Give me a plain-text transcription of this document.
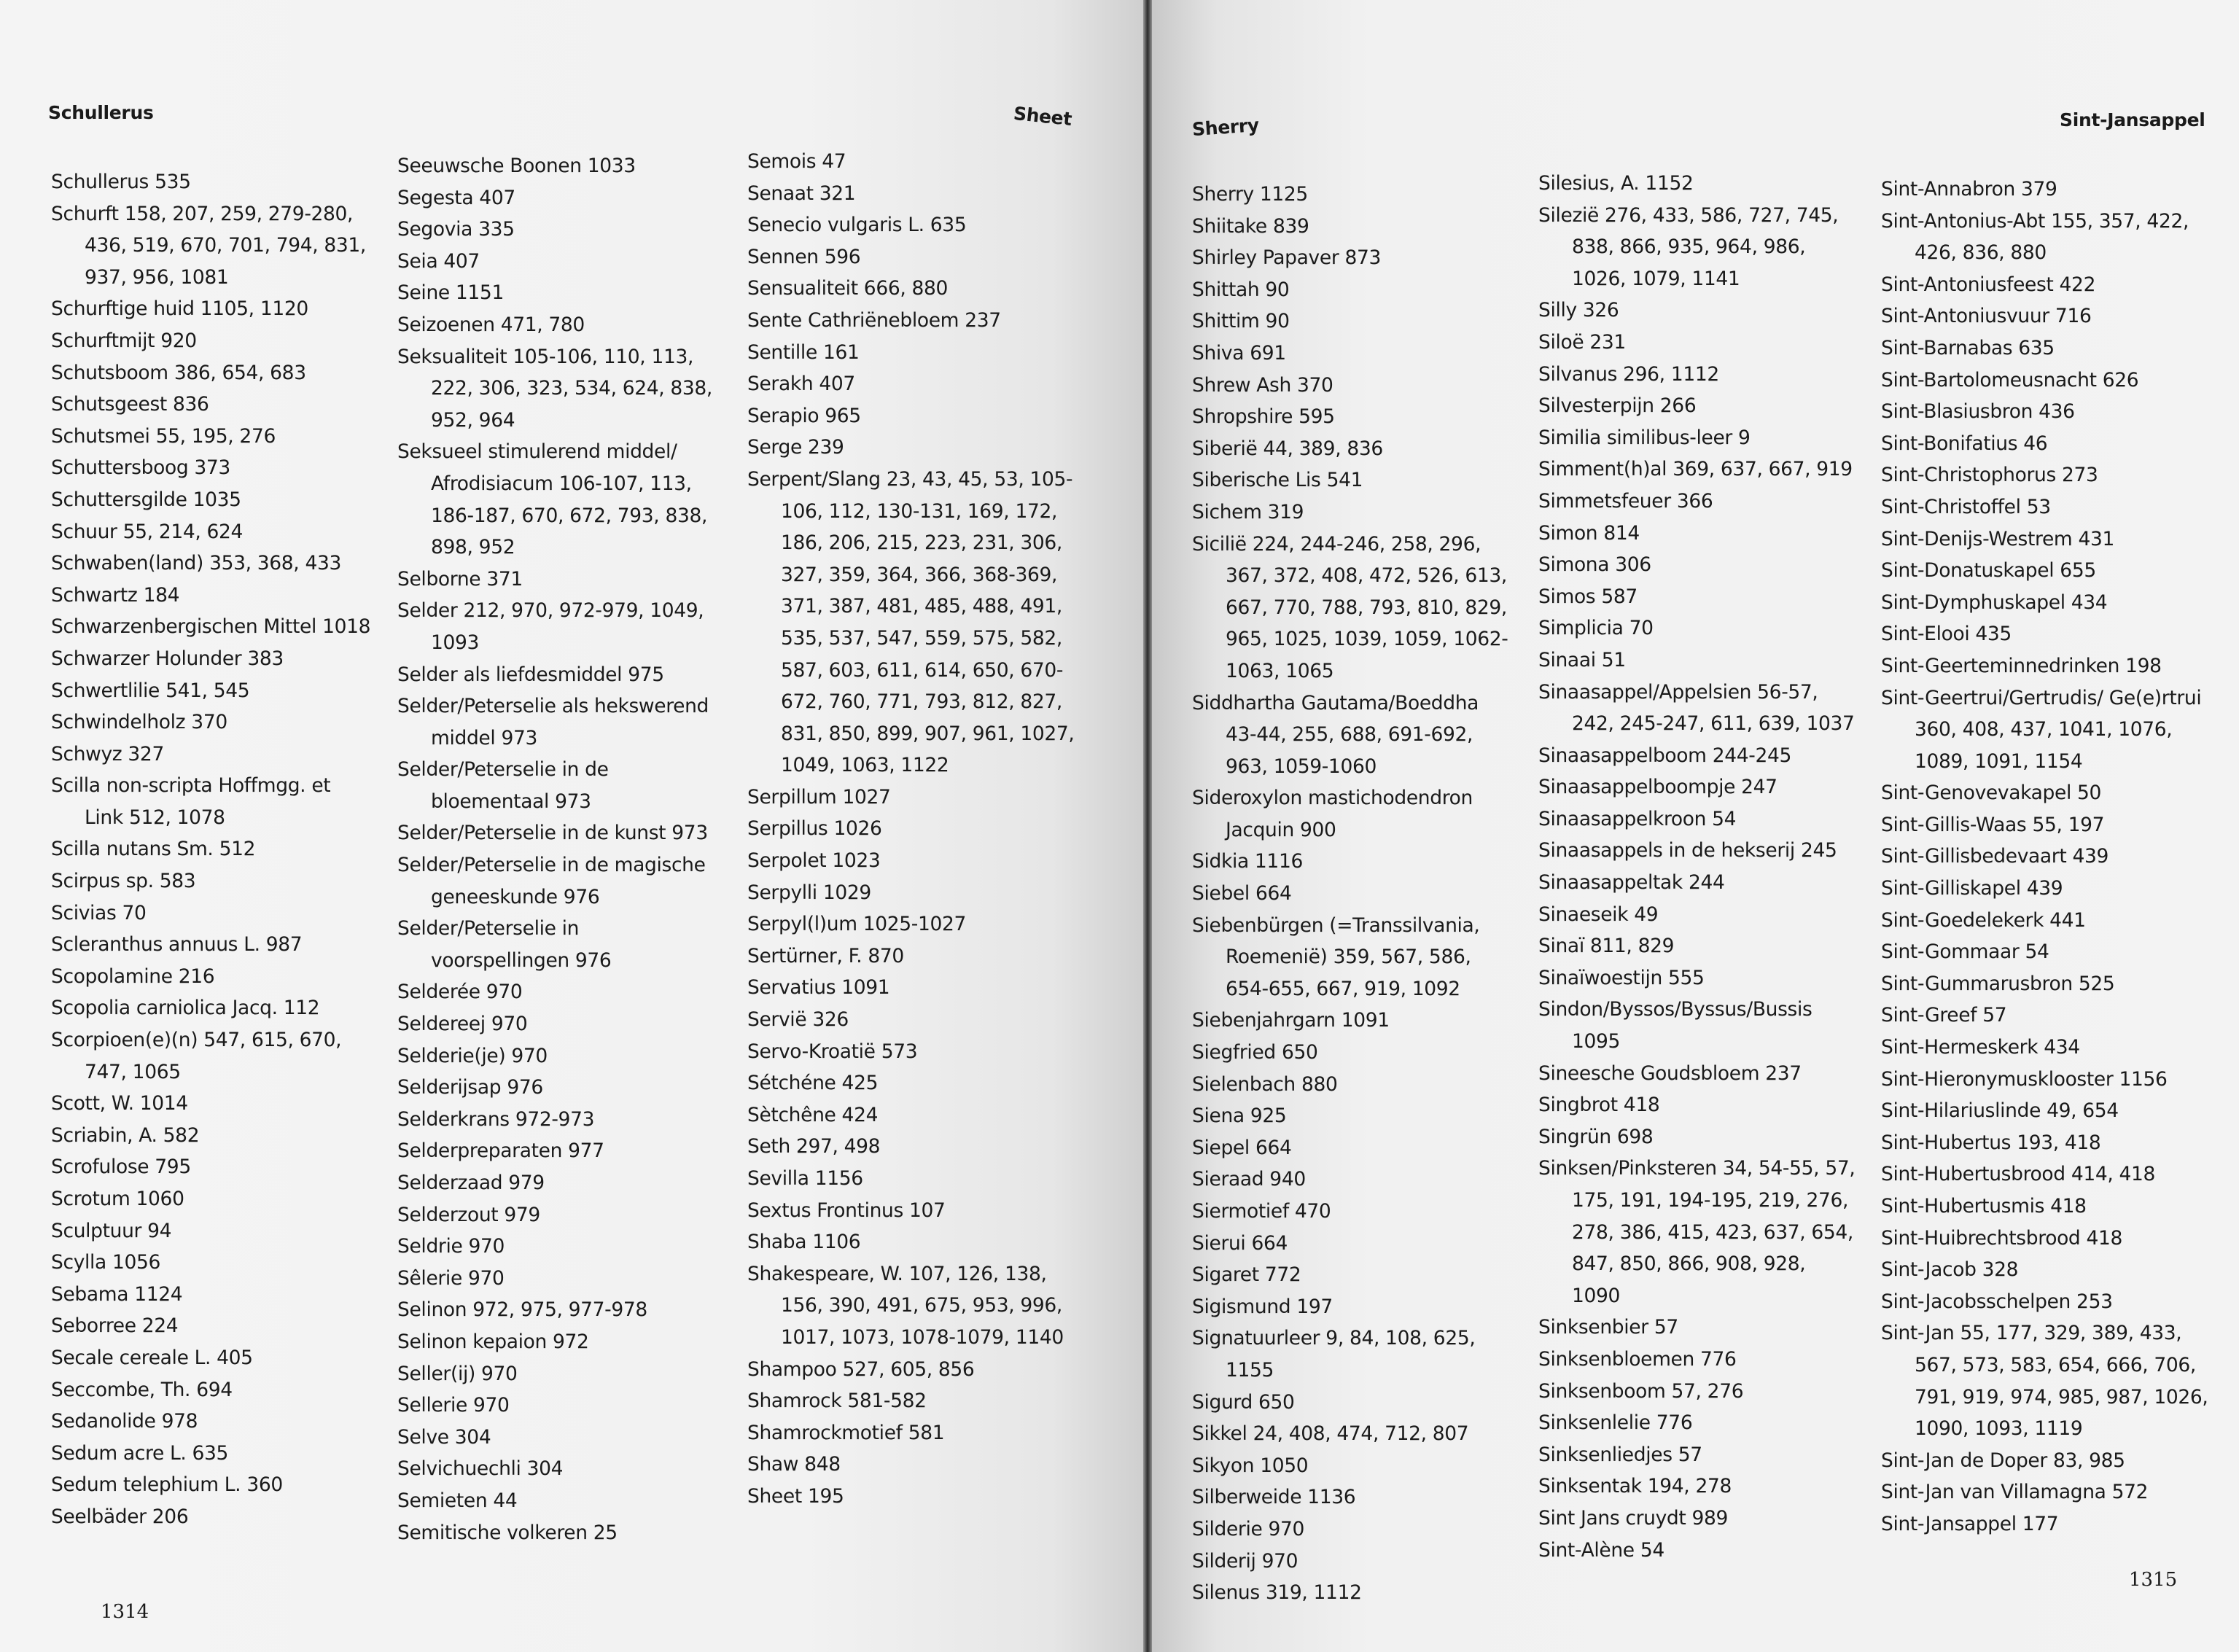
Schullerus	Sheet
Schullerus 535
Schurft 158, 207, 259, 279-280, 436, 519, 670, 701, 794, 831, 937, 956, 1081
Schurftige huid 1105, 1120
Schurftmijt 920
Schutsboom 386, 654, 683
Schutsgeest 836
Schutsmei 55, 195, 276
Schuttersboog 373
Schuttersgilde 1035
Schuur 55, 214, 624
Schwaben(land) 353, 368, 433
Schwartz 184
Schwarzenbergischen Mittel 1018
Schwarzer Holunder 383
Schwertlilie 541, 545
Schwindelholz 370
Schwyz 327
Scilla non-scripta Hoffmgg. et Link 512, 1078
Scilla nutans Sm. 512
Scirpus sp. 583
Scivias 70
Scleranthus annuus L. 987
Scopolamine 216
Scopolia carniolica Jacq. 112
Scorpioen(e)(n) 547, 615, 670, 747, 1065
Scott, W. 1014
Scriabin, A. 582
Scrofulose 795
Scrotum 1060
Sculptuur 94
Scylla 1056
Sebama 1124
Seborree 224
Secale cereale L. 405
Seccombe, Th. 694
Sedanolide 978
Sedum acre L. 635
Sedum telephium L. 360
Seelbäder 206
Seeuwsche Boonen 1033
Segesta 407
Segovia 335
Seia 407
Seine 1151
Seizoenen 471, 780
Seksualiteit 105-106, 110, 113, 222, 306, 323, 534, 624, 838, 952, 964
Seksueel stimulerend middel/ Afrodisiacum 106-107, 113, 186-187, 670, 672, 793, 838, 898, 952
Selborne 371
Selder 212, 970, 972-979, 1049, 1093
Selder als liefdesmiddel 975
Selder/Peterselie als hekswerend middel 973
Selder/Peterselie in de bloementaal 973
Selder/Peterselie in de kunst 973
Selder/Peterselie in de magische geneeskunde 976
Selder/Peterselie in voorspellingen 976
Selderée 970
Seldereej 970
Selderie(je) 970
Selderijsap 976
Selderkrans 972-973
Selderpreparaten 977
Selderzaad 979
Selderzout 979
Seldrie 970
Sêlerie 970
Selinon 972, 975, 977-978
Selinon kepaion 972
Seller(ij) 970
Sellerie 970
Selve 304
Selvichuechli 304
Semieten 44
Semitische volkeren 25
Semois 47
Senaat 321
Senecio vulgaris L. 635
Sennen 596
Sensualiteit 666, 880
Sente Cathriënebloem 237
Sentille 161
Serakh 407
Serapio 965
Serge 239
Serpent/Slang 23, 43, 45, 53, 105-106, 112, 130-131, 169, 172, 186, 206, 215, 223, 231, 306, 327, 359, 364, 366, 368-369, 371, 387, 481, 485, 488, 491, 535, 537, 547, 559, 575, 582, 587, 603, 611, 614, 650, 670-672, 760, 771, 793, 812, 827, 831, 850, 899, 907, 961, 1027, 1049, 1063, 1122
Serpillum 1027
Serpillus 1026
Serpolet 1023
Serpylli 1029
Serpyl(l)um 1025-1027
Sertürner, F. 870
Servatius 1091
Servië 326
Servo-Kroatië 573
Sétchéne 425
Sètchêne 424
Seth 297, 498
Sevilla 1156
Sextus Frontinus 107
Shaba 1106
Shakespeare, W. 107, 126, 138, 156, 390, 491, 675, 953, 996, 1017, 1073, 1078-1079, 1140
Shampoo 527, 605, 856
Shamrock 581-582
Shamrockmotief 581
Shaw 848
Sheet 195
1314
Sherry	Sint-Jansappel
Sherry 1125
Shiitake 839
Shirley Papaver 873
Shittah 90
Shittim 90
Shiva 691
Shrew Ash 370
Shropshire 595
Siberië 44, 389, 836
Siberische Lis 541
Sichem 319
Sicilië 224, 244-246, 258, 296, 367, 372, 408, 472, 526, 613, 667, 770, 788, 793, 810, 829, 965, 1025, 1039, 1059, 1062-1063, 1065
Siddhartha Gautama/Boeddha 43-44, 255, 688, 691-692, 963, 1059-1060
Sideroxylon mastichodendron Jacquin 900
Sidkia 1116
Siebel 664
Siebenbürgen (=Transsilvania, Roemenië) 359, 567, 586, 654-655, 667, 919, 1092
Siebenjahrgarn 1091
Siegfried 650
Sielenbach 880
Siena 925
Siepel 664
Sieraad 940
Siermotief 470
Sierui 664
Sigaret 772
Sigismund 197
Signatuurleer 9, 84, 108, 625, 1155
Sigurd 650
Sikkel 24, 408, 474, 712, 807
Sikyon 1050
Silberweide 1136
Silderie 970
Silderij 970
Silenus 319, 1112
Silesius, A. 1152
Silezië 276, 433, 586, 727, 745, 838, 866, 935, 964, 986, 1026, 1079, 1141
Silly 326
Siloë 231
Silvanus 296, 1112
Silvesterpijn 266
Similia similibus-leer 9
Simment(h)al 369, 637, 667, 919
Simmetsfeuer 366
Simon 814
Simona 306
Simos 587
Simplicia 70
Sinaai 51
Sinaasappel/Appelsien 56-57, 242, 245-247, 611, 639, 1037
Sinaasappelboom 244-245
Sinaasappelboompje 247
Sinaasappelkroon 54
Sinaasappels in de hekserij 245
Sinaasappeltak 244
Sinaeseik 49
Sinaï 811, 829
Sinaïwoestijn 555
Sindon/Byssos/Byssus/Bussis 1095
Sineesche Goudsbloem 237
Singbrot 418
Singrün 698
Sinksen/Pinksteren 34, 54-55, 57, 175, 191, 194-195, 219, 276, 278, 386, 415, 423, 637, 654, 847, 850, 866, 908, 928, 1090
Sinksenbier 57
Sinksenbloemen 776
Sinksenboom 57, 276
Sinksenlelie 776
Sinksenliedjes 57
Sinksentak 194, 278
Sint Jans cruydt 989
Sint-Alène 54
Sint-Annabron 379
Sint-Antonius-Abt 155, 357, 422, 426, 836, 880
Sint-Antoniusfeest 422
Sint-Antoniusvuur 716
Sint-Barnabas 635
Sint-Bartolomeusnacht 626
Sint-Blasiusbron 436
Sint-Bonifatius 46
Sint-Christophorus 273
Sint-Christoffel 53
Sint-Denijs-Westrem 431
Sint-Donatuskapel 655
Sint-Dymphuskapel 434
Sint-Elooi 435
Sint-Geerteminnedrinken 198
Sint-Geertrui/Gertrudis/ Ge(e)rtrui 360, 408, 437, 1041, 1076, 1089, 1091, 1154
Sint-Genovevakapel 50
Sint-Gillis-Waas 55, 197
Sint-Gillisbedevaart 439
Sint-Gilliskapel 439
Sint-Goedelekerk 441
Sint-Gommaar 54
Sint-Gummarusbron 525
Sint-Greef 57
Sint-Hermeskerk 434
Sint-Hieronymusklooster 1156
Sint-Hilariuslinde 49, 654
Sint-Hubertus 193, 418
Sint-Hubertusbrood 414, 418
Sint-Hubertusmis 418
Sint-Huibrechtsbrood 418
Sint-Jacob 328
Sint-Jacobsschelpen 253
Sint-Jan 55, 177, 329, 389, 433, 567, 573, 583, 654, 666, 706, 791, 919, 974, 985, 987, 1026, 1090, 1093, 1119
Sint-Jan de Doper 83, 985
Sint-Jan van Villamagna 572
Sint-Jansappel 177
1315
